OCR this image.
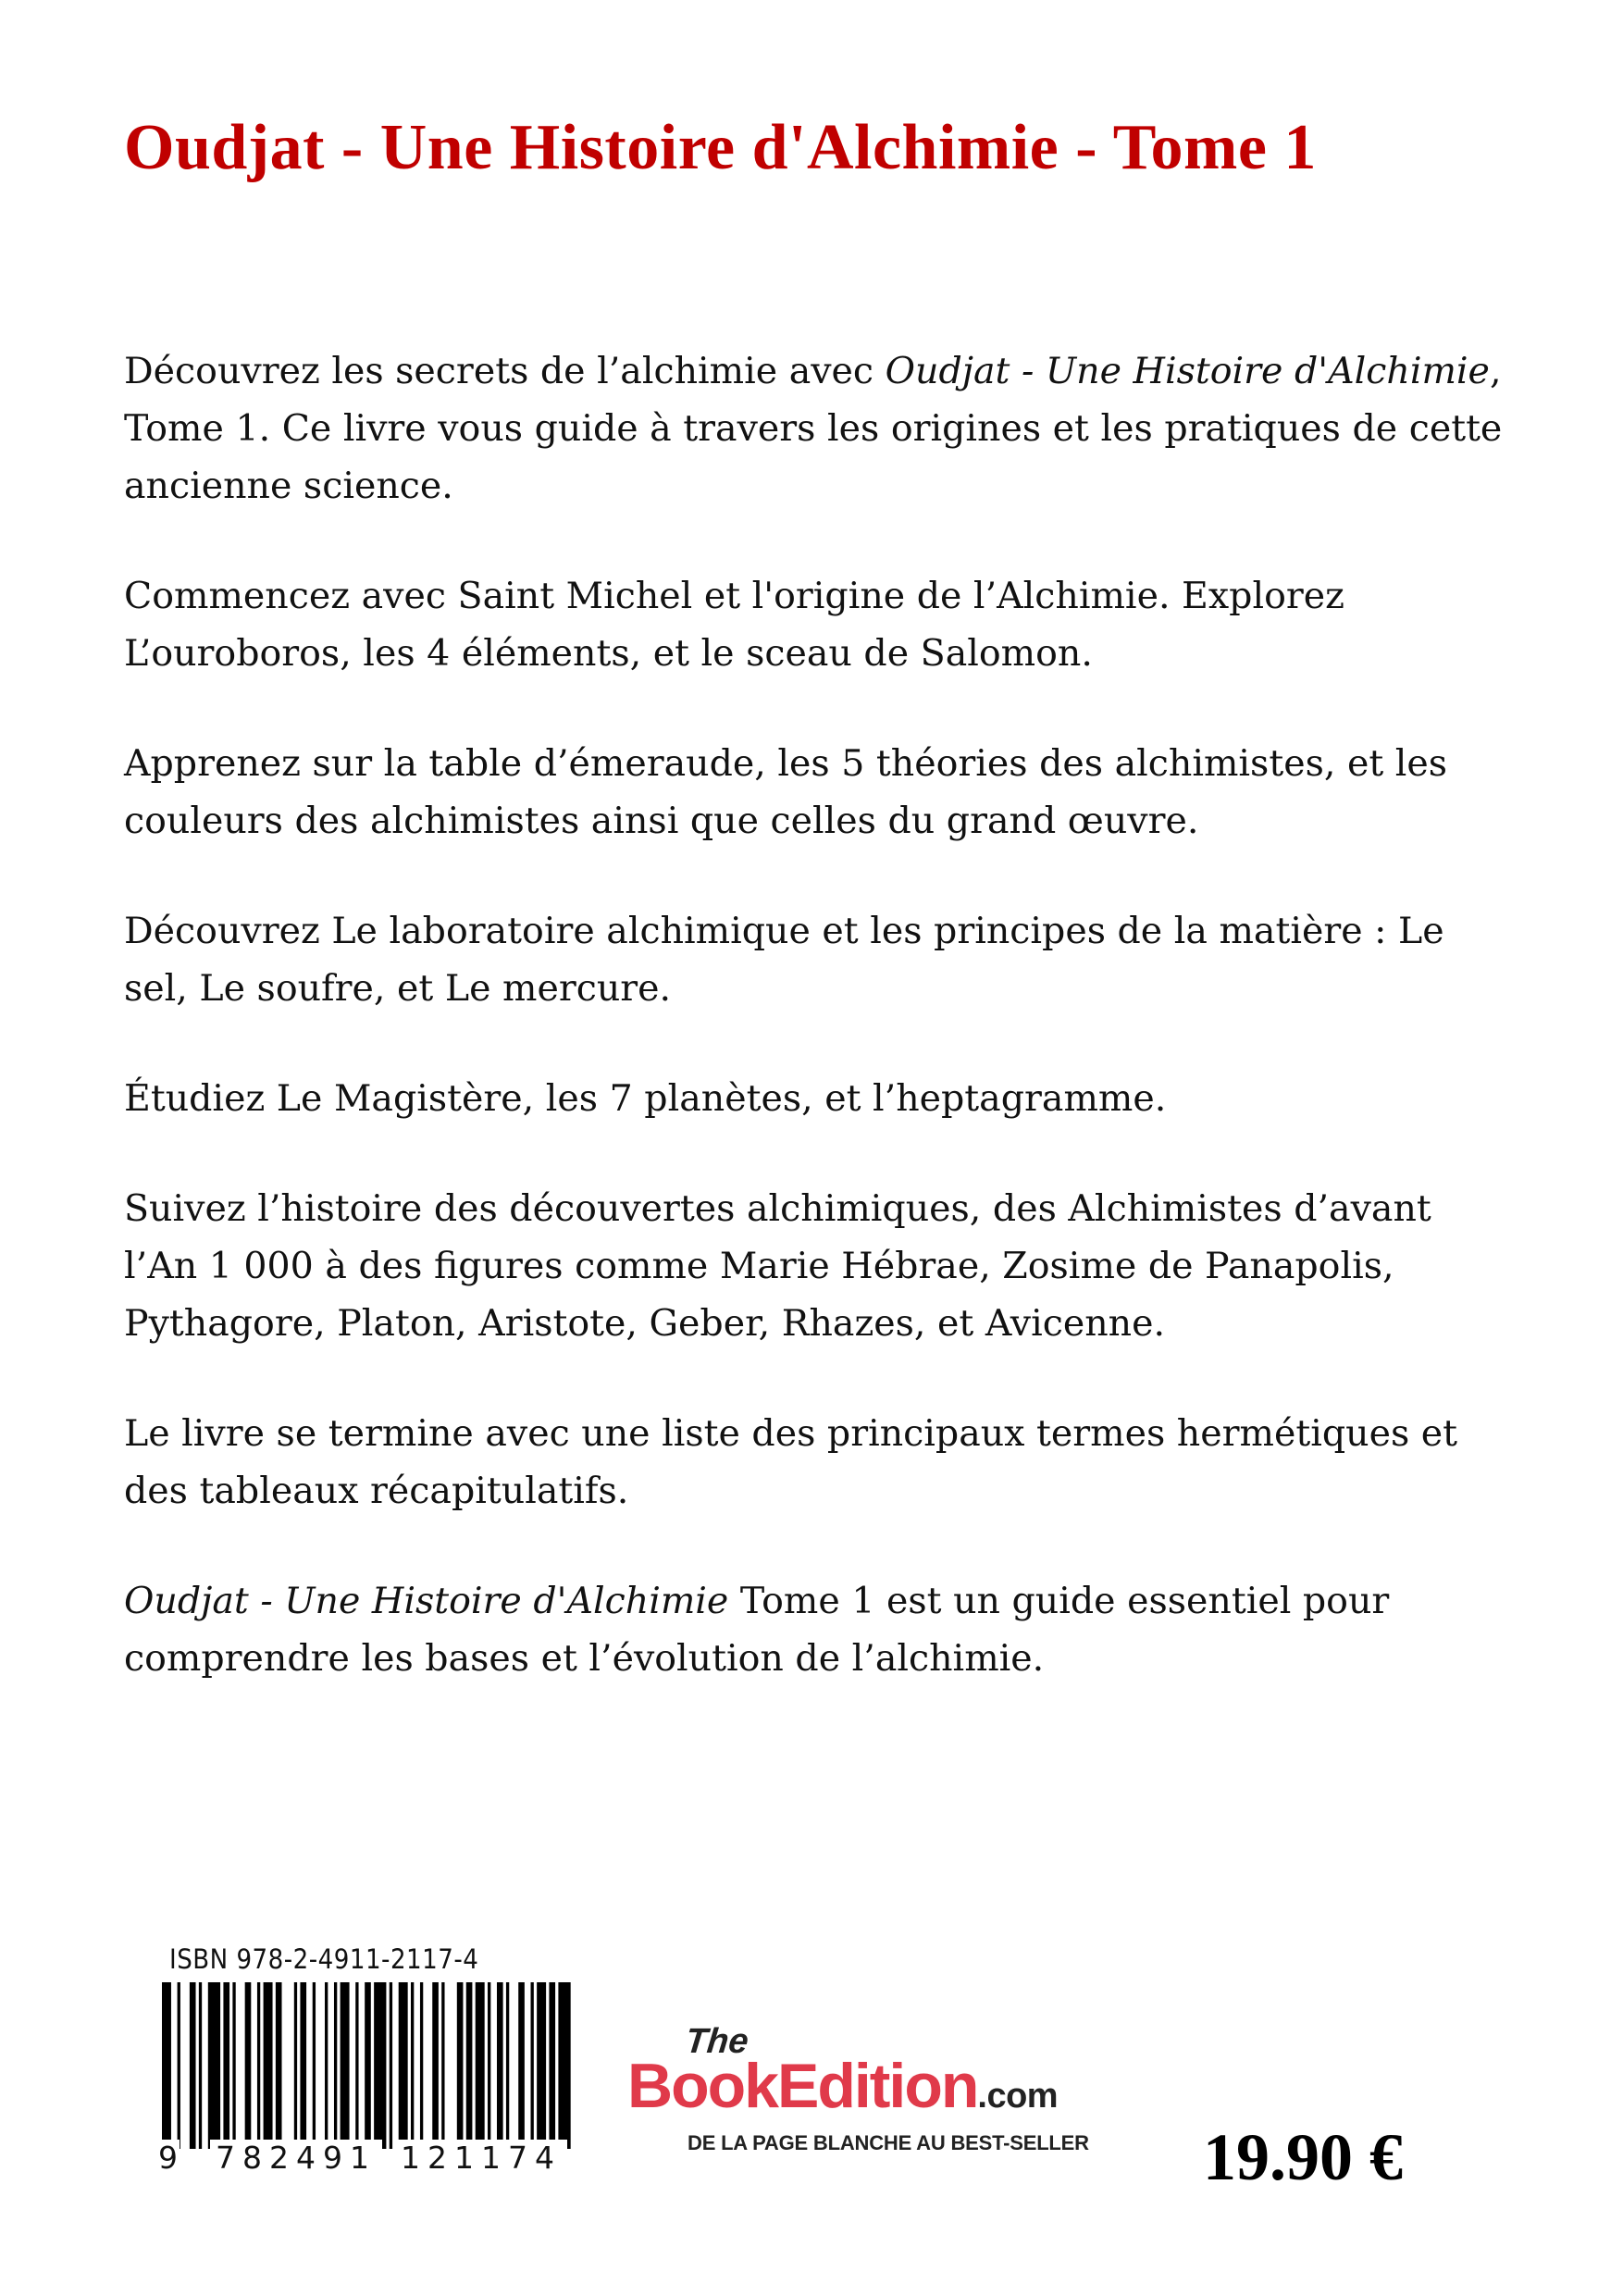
Oudjat - Une Histoire d'Alchimie - Tome 1

Découvrez les secrets de l’alchimie avec Oudjat - Une Histoire d'Alchimie, Tome 1. Ce livre vous guide à travers les origines et les pratiques de cette ancienne science.

Commencez avec Saint Michel et l'origine de l’Alchimie. Explorez L’ouroboros, les 4 éléments, et le sceau de Salomon.

Apprenez sur la table d’émeraude, les 5 théories des alchimistes, et les couleurs des alchimistes ainsi que celles du grand œuvre.

Découvrez Le laboratoire alchimique et les principes de la matière : Le sel, Le soufre, et Le mercure.

Étudiez Le Magistère, les 7 planètes, et l’heptagramme.

Suivez l’histoire des découvertes alchimiques, des Alchimistes d’avant l’An 1 000 à des figures comme Marie Hébrae, Zosime de Panapolis, Pythagore, Platon, Aristote, Geber, Rhazes, et Avicenne.

Le livre se termine avec une liste des principaux termes hermétiques et des tableaux récapitulatifs.

Oudjat - Une Histoire d'Alchimie Tome 1 est un guide essentiel pour comprendre les bases et l’évolution de l’alchimie.

ISBN 978-2-4911-2117-4
9 782491 121174
The
BookEdition.com
DE LA PAGE BLANCHE AU BEST-SELLER 19.90 €
